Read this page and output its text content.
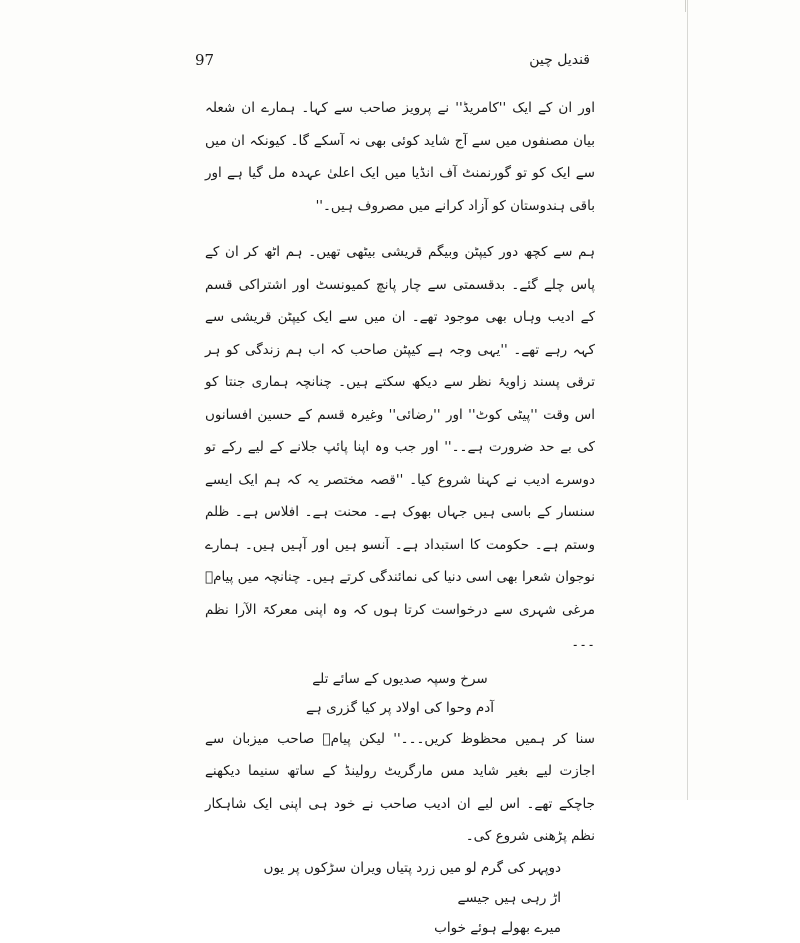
97	قندیل چین

اور ان کے ایک ''کامریڈ'' نے پرویز صاحب سے کہا۔ ہمارے ان شعلہ بیان مصنفوں میں سے آج شاید کوئی بھی نہ آسکے گا۔ کیونکہ ان میں سے ایک کو تو گورنمنٹ آف انڈیا میں ایک اعلیٰ عہدہ مل گیا ہے اور باقی ہندوستان کو آزاد کرانے میں مصروف ہیں۔''

ہم سے کچھ دور کیپٹن وبیگم قریشی بیٹھی تھیں۔ ہم اٹھ کر ان کے پاس چلے گئے۔ بدقسمتی سے چار پانچ کمیونسٹ اور اشتراکی قسم کے ادیب وہاں بھی موجود تھے۔ ان میں سے ایک کیپٹن قریشی سے کہہ رہے تھے۔ ''یہی وجہ ہے کیپٹن صاحب کہ اب ہم زندگی کو ہر ترقی پسند زاویۂ نظر سے دیکھ سکتے ہیں۔ چنانچہ ہماری جنتا کو اس وقت ''پیٹی کوٹ'' اور ''رضائی'' وغیرہ قسم کے حسین افسانوں کی بے حد ضرورت ہے۔۔'' اور جب وہ اپنا پائپ جلانے کے لیے رکے تو دوسرے ادیب نے کہنا شروع کیا۔ ''قصہ مختصر یہ کہ ہم ایک ایسے سنسار کے باسی ہیں جہاں بھوک ہے۔ محنت ہے۔ افلاس ہے۔ ظلم وستم ہے۔ حکومت کا استبداد ہے۔ آنسو ہیں اور آہیں ہیں۔ ہمارے نوجوان شعرا بھی اسی دنیا کی نمائندگی کرتے ہیں۔ چنانچہ میں پیامؔ مرغی شہری سے درخواست کرتا ہوں کہ وہ اپنی معرکۃ الآرا نظم ۔۔۔

سرخ وسپہ صدیوں کے سائے تلے
آدم وحوا کی اولاد پر کیا گزری ہے

سنا کر ہمیں محظوظ کریں۔۔۔'' لیکن پیامؔ صاحب میزبان سے اجازت لیے بغیر شاید مس مارگریٹ رولینڈ کے ساتھ سنیما دیکھنے جاچکے تھے۔ اس لیے ان ادیب صاحب نے خود ہی اپنی ایک شاہکار نظم پڑھنی شروع کی۔

دوپہر کی گرم لو میں زرد پتیاں ویران سڑکوں پر یوں
اڑ رہی ہیں جیسے
میرے بھولے ہوئے خواب
